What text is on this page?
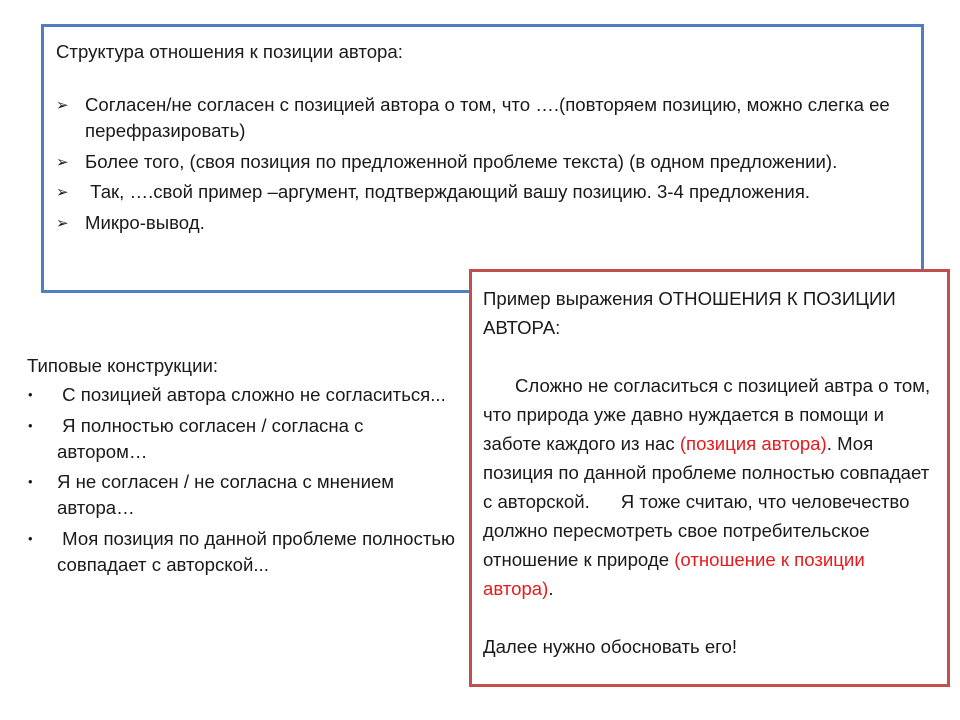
Структура отношения к позиции автора:

➢ Согласен/не согласен с позицией автора о том, что ….(повторяем позицию, можно слегка ее перефразировать)
➢ Более того, (своя позиция по предложенной проблеме текста) (в одном предложении).
➢ Так, ….свой пример –аргумент, подтверждающий вашу позицию. 3-4 предложения.
➢ Микро-вывод.

Типовые конструкции:

• С позицией автора сложно не согласиться...
• Я полностью согласен / согласна с автором…
• Я не согласен / не согласна с мнением автора…
• Моя позиция по данной проблеме полностью совпадает с авторской...

Пример выражения ОТНОШЕНИЯ К ПОЗИЦИИ АВТОРА:

Сложно не согласиться с позицией автра о том, что природа уже давно нуждается в помощи и заботе каждого из нас (позиция автора). Моя позиция по данной проблеме полностью совпадает с авторской.      Я тоже считаю, что человечество должно пересмотреть свое потребительское отношение к природе (отношение к позиции автора).

Далее нужно обосновать его!
